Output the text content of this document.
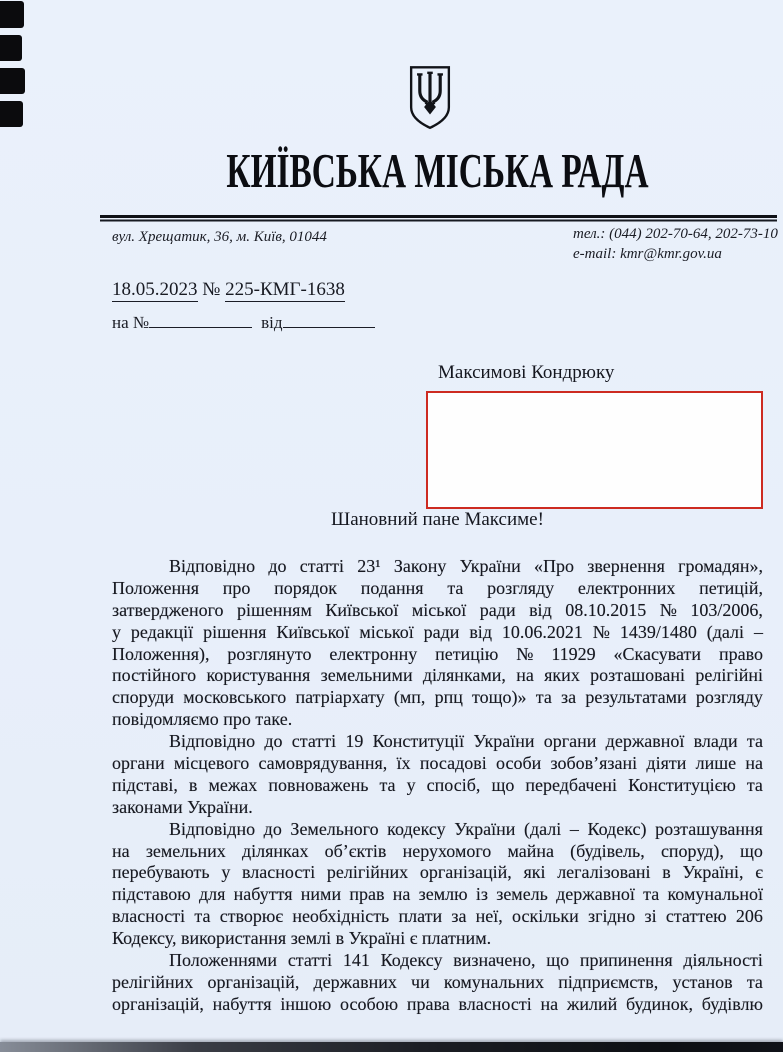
КИЇВСЬКА МІСЬКА РАДА
вул. Хрещатик, 36, м. Київ, 01044	тел.: (044) 202-70-64, 202-73-10
e-mail: kmr@kmr.gov.ua
18.05.2023 № 225-КМГ-1638
на №	від
Максимові Кондрюку
Шановний пане Максиме!
Відповідно до статті 23¹ Закону України «Про звернення громадян»,
Положення про порядок подання та розгляду електронних петицій,
затвердженого рішенням Київської міської ради від 08.10.2015 № 103/2006,
у редакції рішення Київської міської ради від 10.06.2021 № 1439/1480 (далі –
Положення), розглянуто електронну петицію № 11929 «Скасувати право
постійного користування земельними ділянками, на яких розташовані релігійні
споруди московського патріархату (мп, рпц тощо)» та за результатами розгляду
повідомляємо про таке.
Відповідно до статті 19 Конституції України органи державної влади та
органи місцевого самоврядування, їх посадові особи зобов’язані діяти лише на
підставі, в межах повноважень та у спосіб, що передбачені Конституцією та
законами України.
Відповідно до Земельного кодексу України (далі – Кодекс) розташування
на земельних ділянках об’єктів нерухомого майна (будівель, споруд), що
перебувають у власності релігійних організацій, які легалізовані в Україні, є
підставою для набуття ними прав на землю із земель державної та комунальної
власності та створює необхідність плати за неї, оскільки згідно зі статтею 206
Кодексу, використання землі в Україні є платним.
Положеннями статті 141 Кодексу визначено, що припинення діяльності
релігійних організацій, державних чи комунальних підприємств, установ та
організацій, набуття іншою особою права власності на жилий будинок, будівлю
